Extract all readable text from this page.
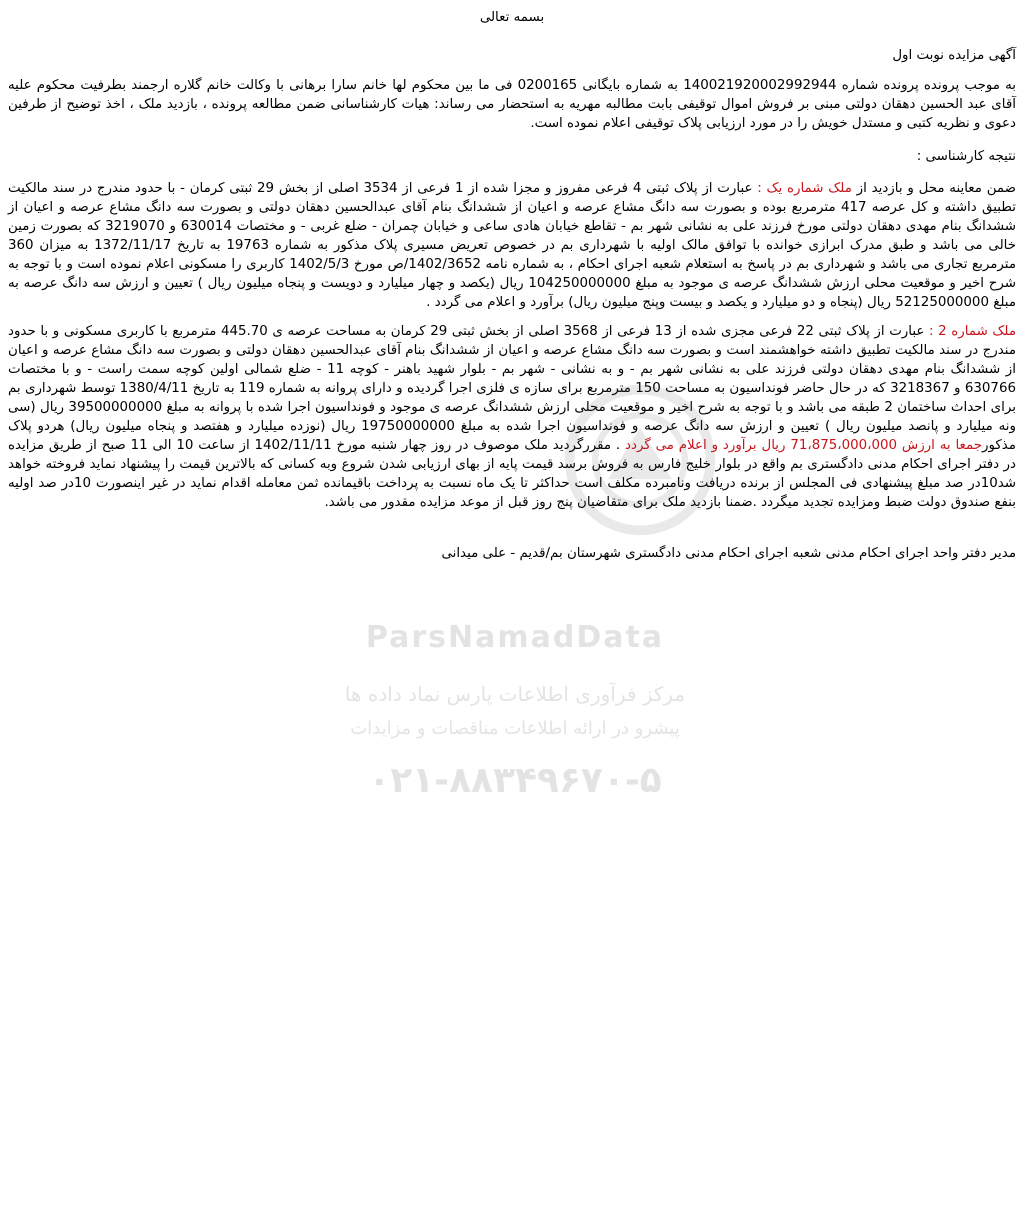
بسمه تعالی
آگهی مزایده نوبت اول

به موجب پرونده پرونده شماره 140021920002992944 به شماره بایگانی 0200165 فی ما بین محکوم لها خانم سارا برهانی با وکالت خانم گلاره ارجمند بطرفیت محکوم علیه آقای عبد الحسین دهقان دولتی مبنی بر فروش اموال توقیفی بابت مطالبه مهریه به استحضار می رساند: هیات کارشناسانی ضمن مطالعه پرونده ، بازدید ملک ، اخذ توضیح از طرفین دعوی و نظریه کتبی و مستدل خویش را در مورد ارزیابی پلاک توقیفی اعلام نموده است.

نتیجه کارشناسی :

ضمن معاینه محل و بازدید از ملک شماره یک : عبارت از پلاک ثبتی 4 فرعی مفروز و مجزا شده از 1 فرعی از 3534 اصلی از بخش 29 ثبتی کرمان - با حدود مندرج در سند مالکیت تطبیق داشته و کل عرصه 417 مترمربع بوده و بصورت سه دانگ مشاع عرصه و اعیان از ششدانگ بنام آقای عبدالحسین دهقان دولتی و بصورت سه دانگ مشاع عرصه و اعیان از ششدانگ بنام مهدی دهقان دولتی مورخ فرزند علی به نشانی شهر بم - تقاطع خیابان هادی ساعی و خیابان چمران - ضلع غربی - و مختصات 630014 و 3219070 که بصورت زمین خالی می باشد و طبق مدرک ابرازی خوانده با توافق مالک اولیه با شهرداری بم در خصوص تعریض مسیری پلاک مذکور به شماره 19763 به تاریخ 1372/11/17 به میزان 360 مترمربع تجاری می باشد و شهرداری بم در پاسخ به استعلام شعبه اجرای احکام ، به شماره نامه 1402/3652/ص مورخ 1402/5/3 کاربری را مسکونی اعلام نموده است و با توجه به شرح اخیر و موقعیت محلی ارزش ششدانگ عرصه ی موجود به مبلغ 104250000000 ریال (یکصد و چهار میلیارد و دویست و پنجاه میلیون ریال ) تعیین و ارزش سه دانگ عرصه به مبلغ 52125000000 ریال (پنجاه و دو میلیارد و یکصد و بیست وپنج میلیون ریال) برآورد و اعلام می گردد .

ملک شماره 2 : عبارت از پلاک ثبتی 22 فرعی مجزی شده از 13 فرعی از 3568 اصلی از بخش ثبتی 29 کرمان به مساحت عرصه ی 445.70 مترمربع با کاربری مسکونی و با حدود مندرج در سند مالکیت تطبیق داشته خواهشمند است و بصورت سه دانگ مشاع عرصه و اعیان از ششدانگ بنام آقای عبدالحسین دهقان دولتی و بصورت سه دانگ مشاع عرصه و اعیان از ششدانگ بنام مهدی دهقان دولتی فرزند علی به نشانی شهر بم - و به نشانی - شهر بم - بلوار شهید باهنر - کوچه 11 - ضلع شمالی اولین کوچه سمت راست - و با مختصات 630766 و 3218367 که در حال حاضر فونداسیون به مساحت 150 مترمربع برای سازه ی فلزی اجرا گردیده و دارای پروانه به شماره 119 به تاریخ 1380/4/11 توسط شهرداری بم برای احداث ساختمان 2 طبقه می باشد و با توجه به شرح اخیر و موقعیت محلی ارزش ششدانگ عرصه ی موجود و فونداسیون اجرا شده با پروانه به مبلغ 39500000000 ریال (سی ونه میلیارد و پانصد میلیون ریال ) تعیین و ارزش سه دانگ عرصه و فونداسیون اجرا شده به مبلغ 19750000000 ریال (نوزده میلیارد و هفتصد و پنجاه میلیون ریال) هردو پلاک مذکورجمعا به ارزش 71،875،000،000 ریال برآورد و اعلام می گردد . مقررگردید ملک موصوف در روز چهار شنبه مورخ 1402/11/11 از ساعت 10 الی 11 صبح از طریق مزایده در دفتر اجرای احکام مدنی دادگستری بم واقع در بلوار خلیج فارس به فروش برسد قیمت پایه از بهای ارزیابی شدن شروع وبه کسانی که بالاترین قیمت را پیشنهاد نماید فروخته خواهد شد10در صد مبلغ پیشنهادی فی المجلس از برنده دریافت ونامبرده مکلف است حداکثر تا یک ماه نسبت به پرداخت باقیمانده ثمن معامله اقدام نماید در غیر اینصورت 10در صد اولیه بنفع صندوق دولت ضبط ومزایده تجدید میگردد .ضمنا بازدید ملک برای متقاضیان پنج روز قبل از موعد مزایده مقدور می باشد.

مدیر دفتر واحد اجرای احکام مدنی شعبه اجرای احکام مدنی دادگستری شهرستان بم/قدیم - علی میدانی

ParsNamadData
مرکز فرآوری اطلاعات پارس نماد داده ها
پیشرو در ارائه اطلاعات مناقصات و مزایدات
۰۲۱-۸۸۳۴۹۶۷۰-۵
